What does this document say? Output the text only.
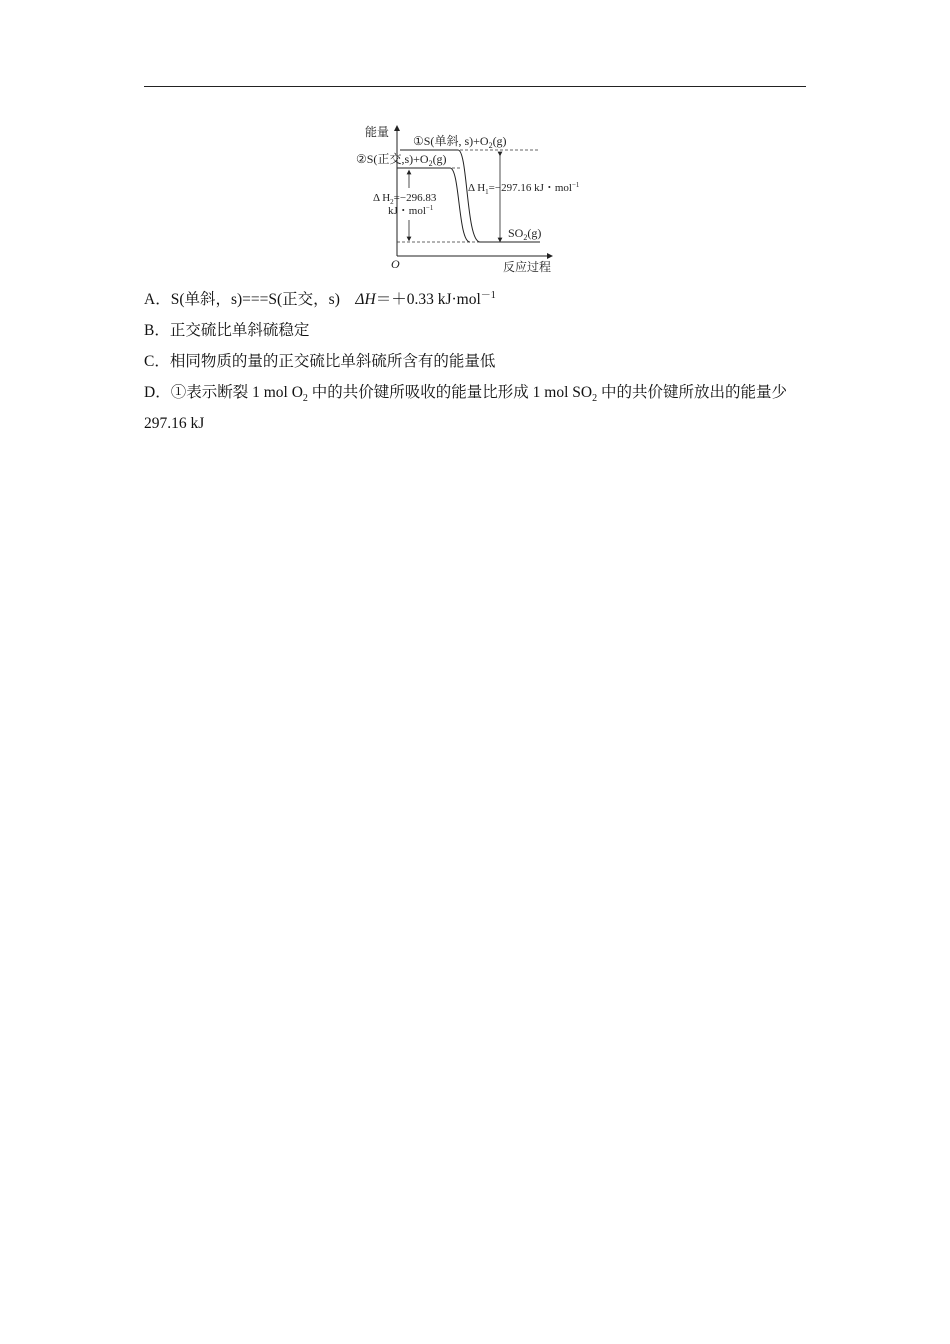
能量
反应过程
O
①S(单斜, $s)+O_2(g)$
②S(正交$,s)+O_2(g)$
$SO_2(g)$
Δ $H_1=-297.16$ kJ・mol$^{-1}$
Δ $H_2=-296.83$
kJ・mol$^{-1}$
A．S(单斜，s)===S(正交，s) ΔH＝＋0.33 kJ·mol$^{-1}$
B．正交硫比单斜硫稳定
C．相同物质的量的正交硫比单斜硫所含有的能量低
D．①表示断裂 1 mol $O_2$ 中的共价键所吸收的能量比形成 1 mol $SO_2$ 中的共价键所放出的能量少 297.16 kJ
